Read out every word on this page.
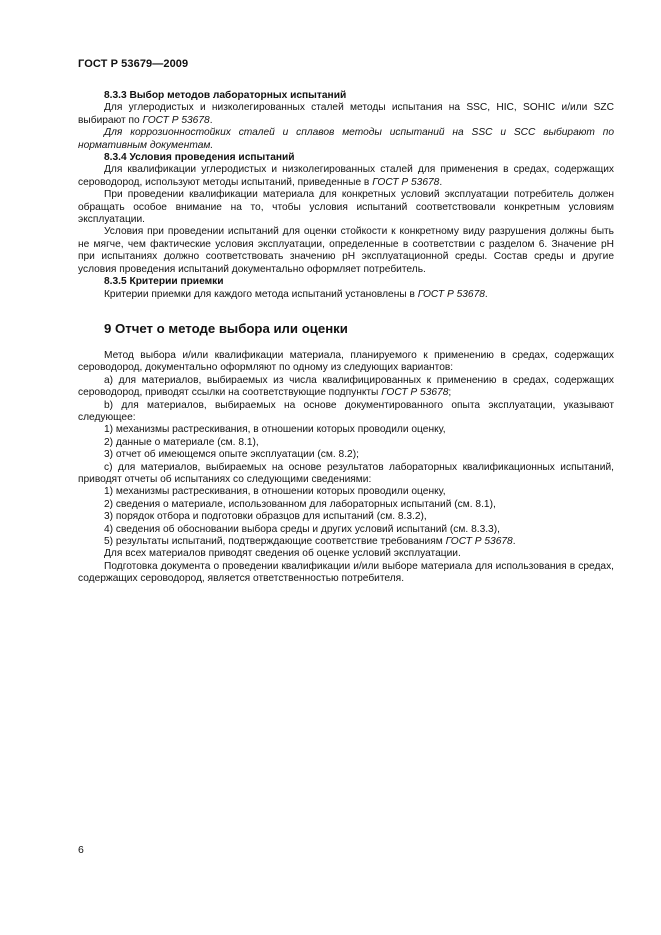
ГОСТ Р 53679—2009

8.3.3 Выбор методов лабораторных испытаний

Для углеродистых и низколегированных сталей методы испытания на SSC, HIC, SOHIC и/или SZC выбирают по ГОСТ Р 53678.

Для коррозионностойких сталей и сплавов методы испытаний на SSC и SCC выбирают по нормативным документам.

8.3.4 Условия проведения испытаний

Для квалификации углеродистых и низколегированных сталей для применения в средах, содержащих сероводород, используют методы испытаний, приведенные в ГОСТ Р 53678.

При проведении квалификации материала для конкретных условий эксплуатации потребитель должен обращать особое внимание на то, чтобы условия испытаний соответствовали конкретным условиям эксплуатации.

Условия при проведении испытаний для оценки стойкости к конкретному виду разрушения должны быть не мягче, чем фактические условия эксплуатации, определенные в соответствии с разделом 6. Значение pH при испытаниях должно соответствовать значению pH эксплуатационной среды. Состав среды и другие условия проведения испытаний документально оформляет потребитель.

8.3.5 Критерии приемки

Критерии приемки для каждого метода испытаний установлены в ГОСТ Р 53678.

9 Отчет о методе выбора или оценки

Метод выбора и/или квалификации материала, планируемого к применению в средах, содержащих сероводород, документально оформляют по одному из следующих вариантов:

а) для материалов, выбираемых из числа квалифицированных к применению в средах, содержащих сероводород, приводят ссылки на соответствующие подпункты ГОСТ Р 53678;

b) для материалов, выбираемых на основе документированного опыта эксплуатации, указывают следующее:

1) механизмы растрескивания, в отношении которых проводили оценку,

2) данные о материале (см. 8.1),

3) отчет об имеющемся опыте эксплуатации (см. 8.2);

с) для материалов, выбираемых на основе результатов лабораторных квалификационных испытаний, приводят отчеты об испытаниях со следующими сведениями:

1) механизмы растрескивания, в отношении которых проводили оценку,

2) сведения о материале, использованном для лабораторных испытаний (см. 8.1),

3) порядок отбора и подготовки образцов для испытаний (см. 8.3.2),

4) сведения об обосновании выбора среды и других условий испытаний (см. 8.3.3),

5) результаты испытаний, подтверждающие соответствие требованиям ГОСТ Р 53678.

Для всех материалов приводят сведения об оценке условий эксплуатации.

Подготовка документа о проведении квалификации и/или выборе материала для использования в средах, содержащих сероводород, является ответственностью потребителя.

6
